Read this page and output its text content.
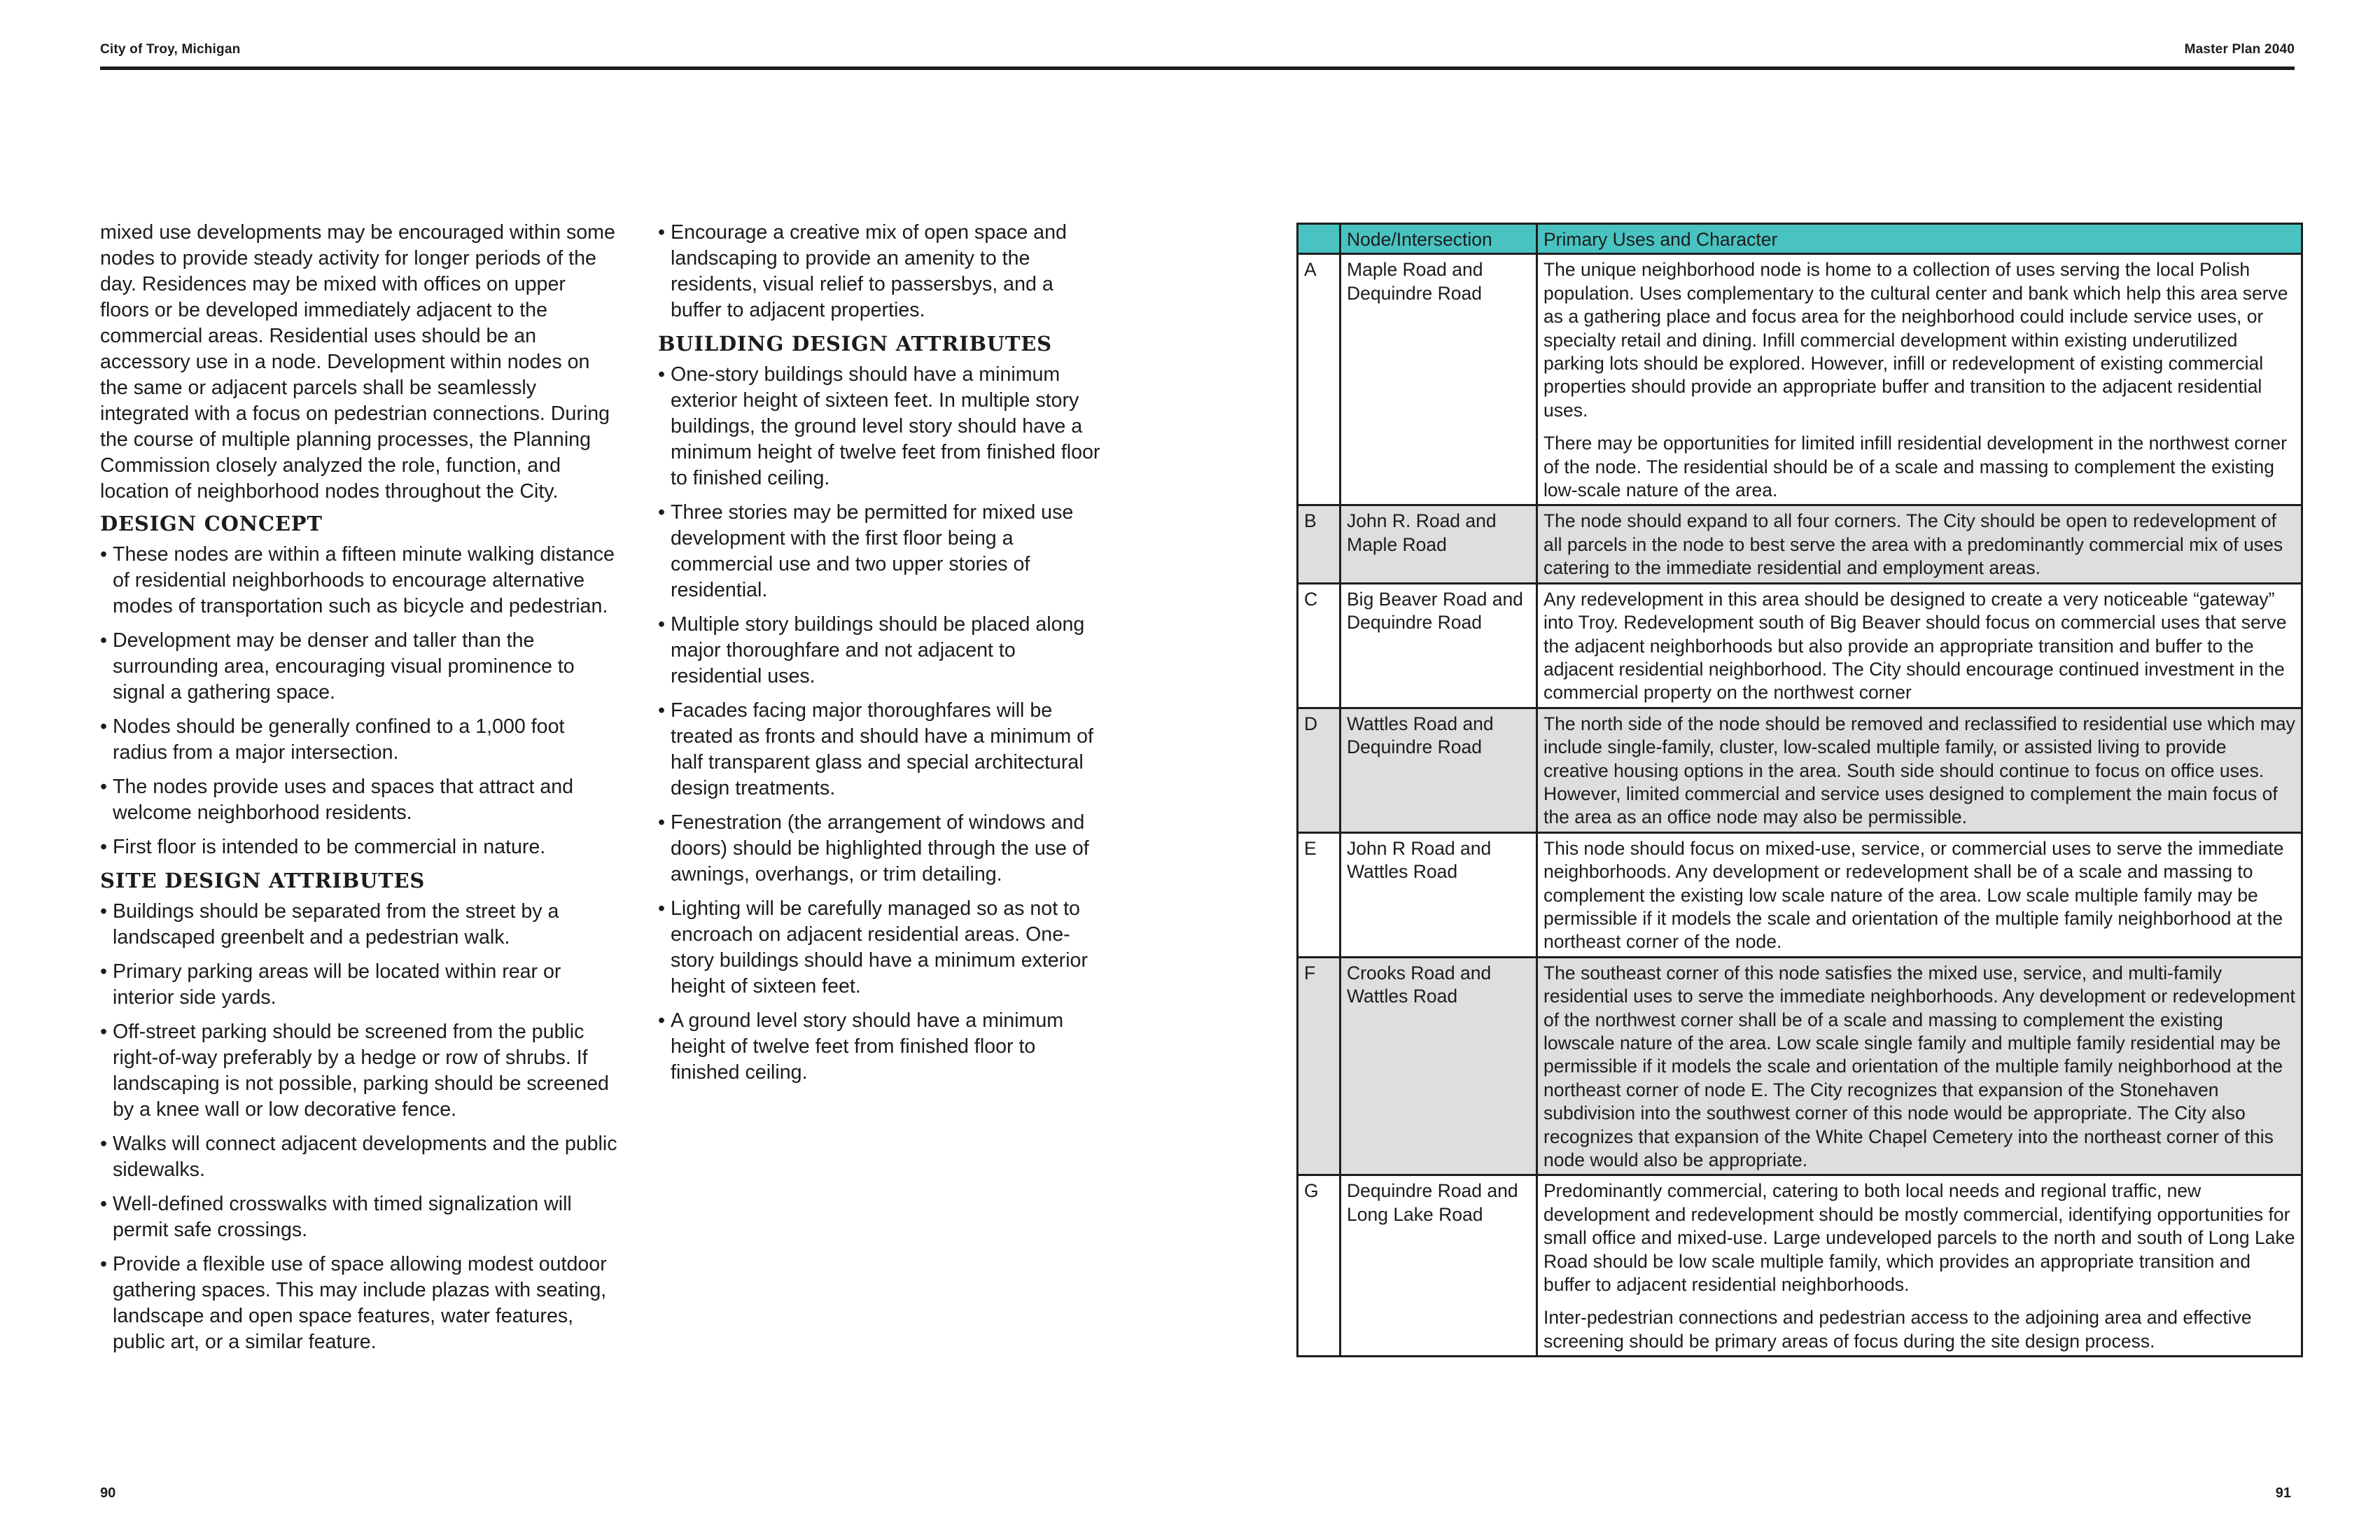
City of Troy, Michigan	Master Plan 2040

mixed use developments may be encouraged within some nodes to provide steady activity for longer periods of the day. Residences may be mixed with offices on upper floors or be developed immediately adjacent to the commercial areas. Residential uses should be an accessory use in a node. Development within nodes on the same or adjacent parcels shall be seamlessly integrated with a focus on pedestrian connections. During the course of multiple planning processes, the Planning Commission closely analyzed the role, function, and location of neighborhood nodes throughout the City.

DESIGN CONCEPT
• These nodes are within a fifteen minute walking distance of residential neighborhoods to encourage alternative modes of transportation such as bicycle and pedestrian.
• Development may be denser and taller than the surrounding area, encouraging visual prominence to signal a gathering space.
• Nodes should be generally confined to a 1,000 foot radius from a major intersection.
• The nodes provide uses and spaces that attract and welcome neighborhood residents.
• First floor is intended to be commercial in nature.
SITE DESIGN ATTRIBUTES
• Buildings should be separated from the street by a landscaped greenbelt and a pedestrian walk.
• Primary parking areas will be located within rear or interior side yards.
• Off-street parking should be screened from the public right-of-way preferably by a hedge or row of shrubs. If landscaping is not possible, parking should be screened by a knee wall or low decorative fence.
• Walks will connect adjacent developments and the public sidewalks.
• Well-defined crosswalks with timed signalization will permit safe crossings.
• Provide a flexible use of space allowing modest outdoor gathering spaces. This may include plazas with seating, landscape and open space features, water features, public art, or a similar feature.
• Encourage a creative mix of open space and landscaping to provide an amenity to the residents, visual relief to passersbys, and a buffer to adjacent properties.
BUILDING DESIGN ATTRIBUTES
• One-story buildings should have a minimum exterior height of sixteen feet. In multiple story buildings, the ground level story should have a minimum height of twelve feet from finished floor to finished ceiling.
• Three stories may be permitted for mixed use development with the first floor being a commercial use and two upper stories of residential.
• Multiple story buildings should be placed along major thoroughfare and not adjacent to residential uses.
• Facades facing major thoroughfares will be treated as fronts and should have a minimum of half transparent glass and special architectural design treatments.
• Fenestration (the arrangement of windows and doors) should be highlighted through the use of awnings, overhangs, or trim detailing.
• Lighting will be carefully managed so as not to encroach on adjacent residential areas. One-story buildings should have a minimum exterior height of sixteen feet.
• A ground level story should have a minimum height of twelve feet from finished floor to finished ceiling.
	Node/Intersection	Primary Uses and Character
A	Maple Road and Dequindre Road	The unique neighborhood node is home to a collection of uses serving the local Polish population. Uses complementary to the cultural center and bank which help this area serve as a gathering place and focus area for the neighborhood could include service uses, or specialty retail and dining. Infill commercial development within existing underutilized parking lots should be explored. However, infill or redevelopment of existing commercial properties should provide an appropriate buffer and transition to the adjacent residential uses.

There may be opportunities for limited infill residential development in the northwest corner of the node. The residential should be of a scale and massing to complement the existing low-scale nature of the area.

B	John R. Road and Maple Road	The node should expand to all four corners. The City should be open to redevelopment of all parcels in the node to best serve the area with a predominantly commercial mix of uses catering to the immediate residential and employment areas.

C	Big Beaver Road and Dequindre Road	Any redevelopment in this area should be designed to create a very noticeable “gateway” into Troy. Redevelopment south of Big Beaver should focus on commercial uses that serve the adjacent neighborhoods but also provide an appropriate transition and buffer to the adjacent residential neighborhood. The City should encourage continued investment in the commercial property on the northwest corner

D	Wattles Road and Dequindre Road	The north side of the node should be removed and reclassified to residential use which may include single-family, cluster, low-scaled multiple family, or assisted living to provide creative housing options in the area. South side should continue to focus on office uses. However, limited commercial and service uses designed to complement the main focus of the area as an office node may also be permissible.

E	John R Road and Wattles Road	This node should focus on mixed-use, service, or commercial uses to serve the immediate neighborhoods. Any development or redevelopment shall be of a scale and massing to complement the existing low scale nature of the area. Low scale multiple family may be permissible if it models the scale and orientation of the multiple family neighborhood at the northeast corner of the node.

F	Crooks Road and Wattles Road	The southeast corner of this node satisfies the mixed use, service, and multi-family residential uses to serve the immediate neighborhoods. Any development or redevelopment of the northwest corner shall be of a scale and massing to complement the existing lowscale nature of the area. Low scale single family and multiple family residential may be permissible if it models the scale and orientation of the multiple family neighborhood at the northeast corner of node E. The City recognizes that expansion of the Stonehaven subdivision into the southwest corner of this node would be appropriate. The City also recognizes that expansion of the White Chapel Cemetery into the northeast corner of this node would also be appropriate.

G	Dequindre Road and Long Lake Road	Predominantly commercial, catering to both local needs and regional traffic, new development and redevelopment should be mostly commercial, identifying opportunities for small office and mixed-use. Large undeveloped parcels to the north and south of Long Lake Road should be low scale multiple family, which provides an appropriate transition and buffer to adjacent residential neighborhoods.

Inter-pedestrian connections and pedestrian access to the adjoining area and effective screening should be primary areas of focus during the site design process.

90	91
